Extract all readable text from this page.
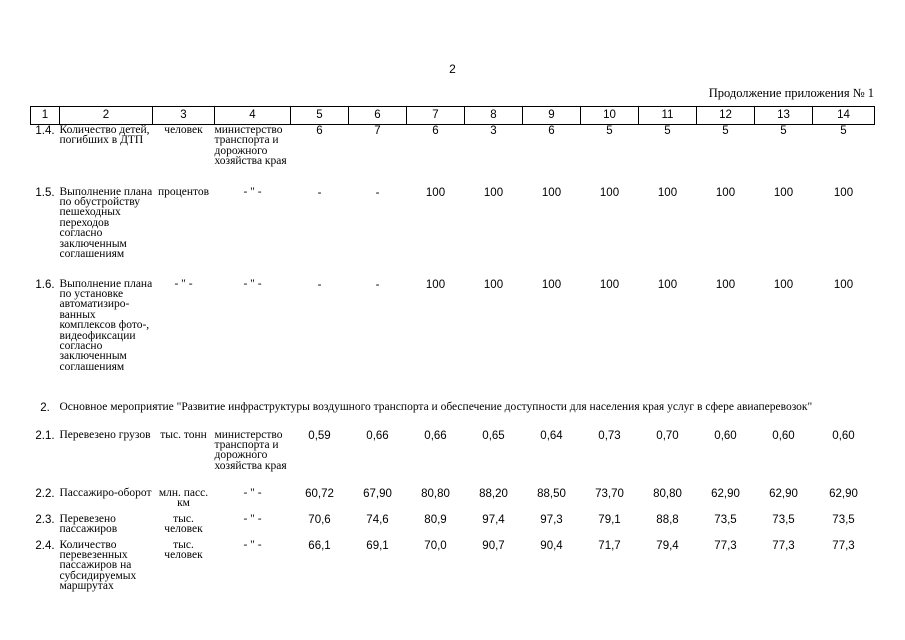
2
Продолжение приложения № 1
1	2	3	4	5	6	7	8	9	10	11	12	13	14
1.4.	Количество детей, погибших в ДТП	человек	министерство транспорта и дорожного хозяйства края	6	7	6	3	6	5	5	5	5	5
1.5.	Выполнение плана по обустройству пешеходных переходов согласно заключенным соглашениям	процентов	- " -	-	-	100	100	100	100	100	100	100	100
1.6.	Выполнение плана по установке автоматизиро-ванных комплексов фото-, видеофиксации согласно заключенным соглашениям	- " -	- " -	-	-	100	100	100	100	100	100	100	100
2.	Основное мероприятие "Развитие инфраструктуры воздушного транспорта и обеспечение доступности для населения края услуг в сфере авиаперевозок"												
2.1.	Перевезено грузов	тыс. тонн	министерство транспорта и дорожного хозяйства края	0,59	0,66	0,66	0,65	0,64	0,73	0,70	0,60	0,60	0,60
2.2.	Пассажиро-оборот	млн. пасс. км	- " -	60,72	67,90	80,80	88,20	88,50	73,70	80,80	62,90	62,90	62,90
2.3.	Перевезено пассажиров	тыс. человек	- " -	70,6	74,6	80,9	97,4	97,3	79,1	88,8	73,5	73,5	73,5
2.4.	Количество перевезенных пассажиров на субсидируемых маршрутах	тыс. человек	- " -	66,1	69,1	70,0	90,7	90,4	71,7	79,4	77,3	77,3	77,3
